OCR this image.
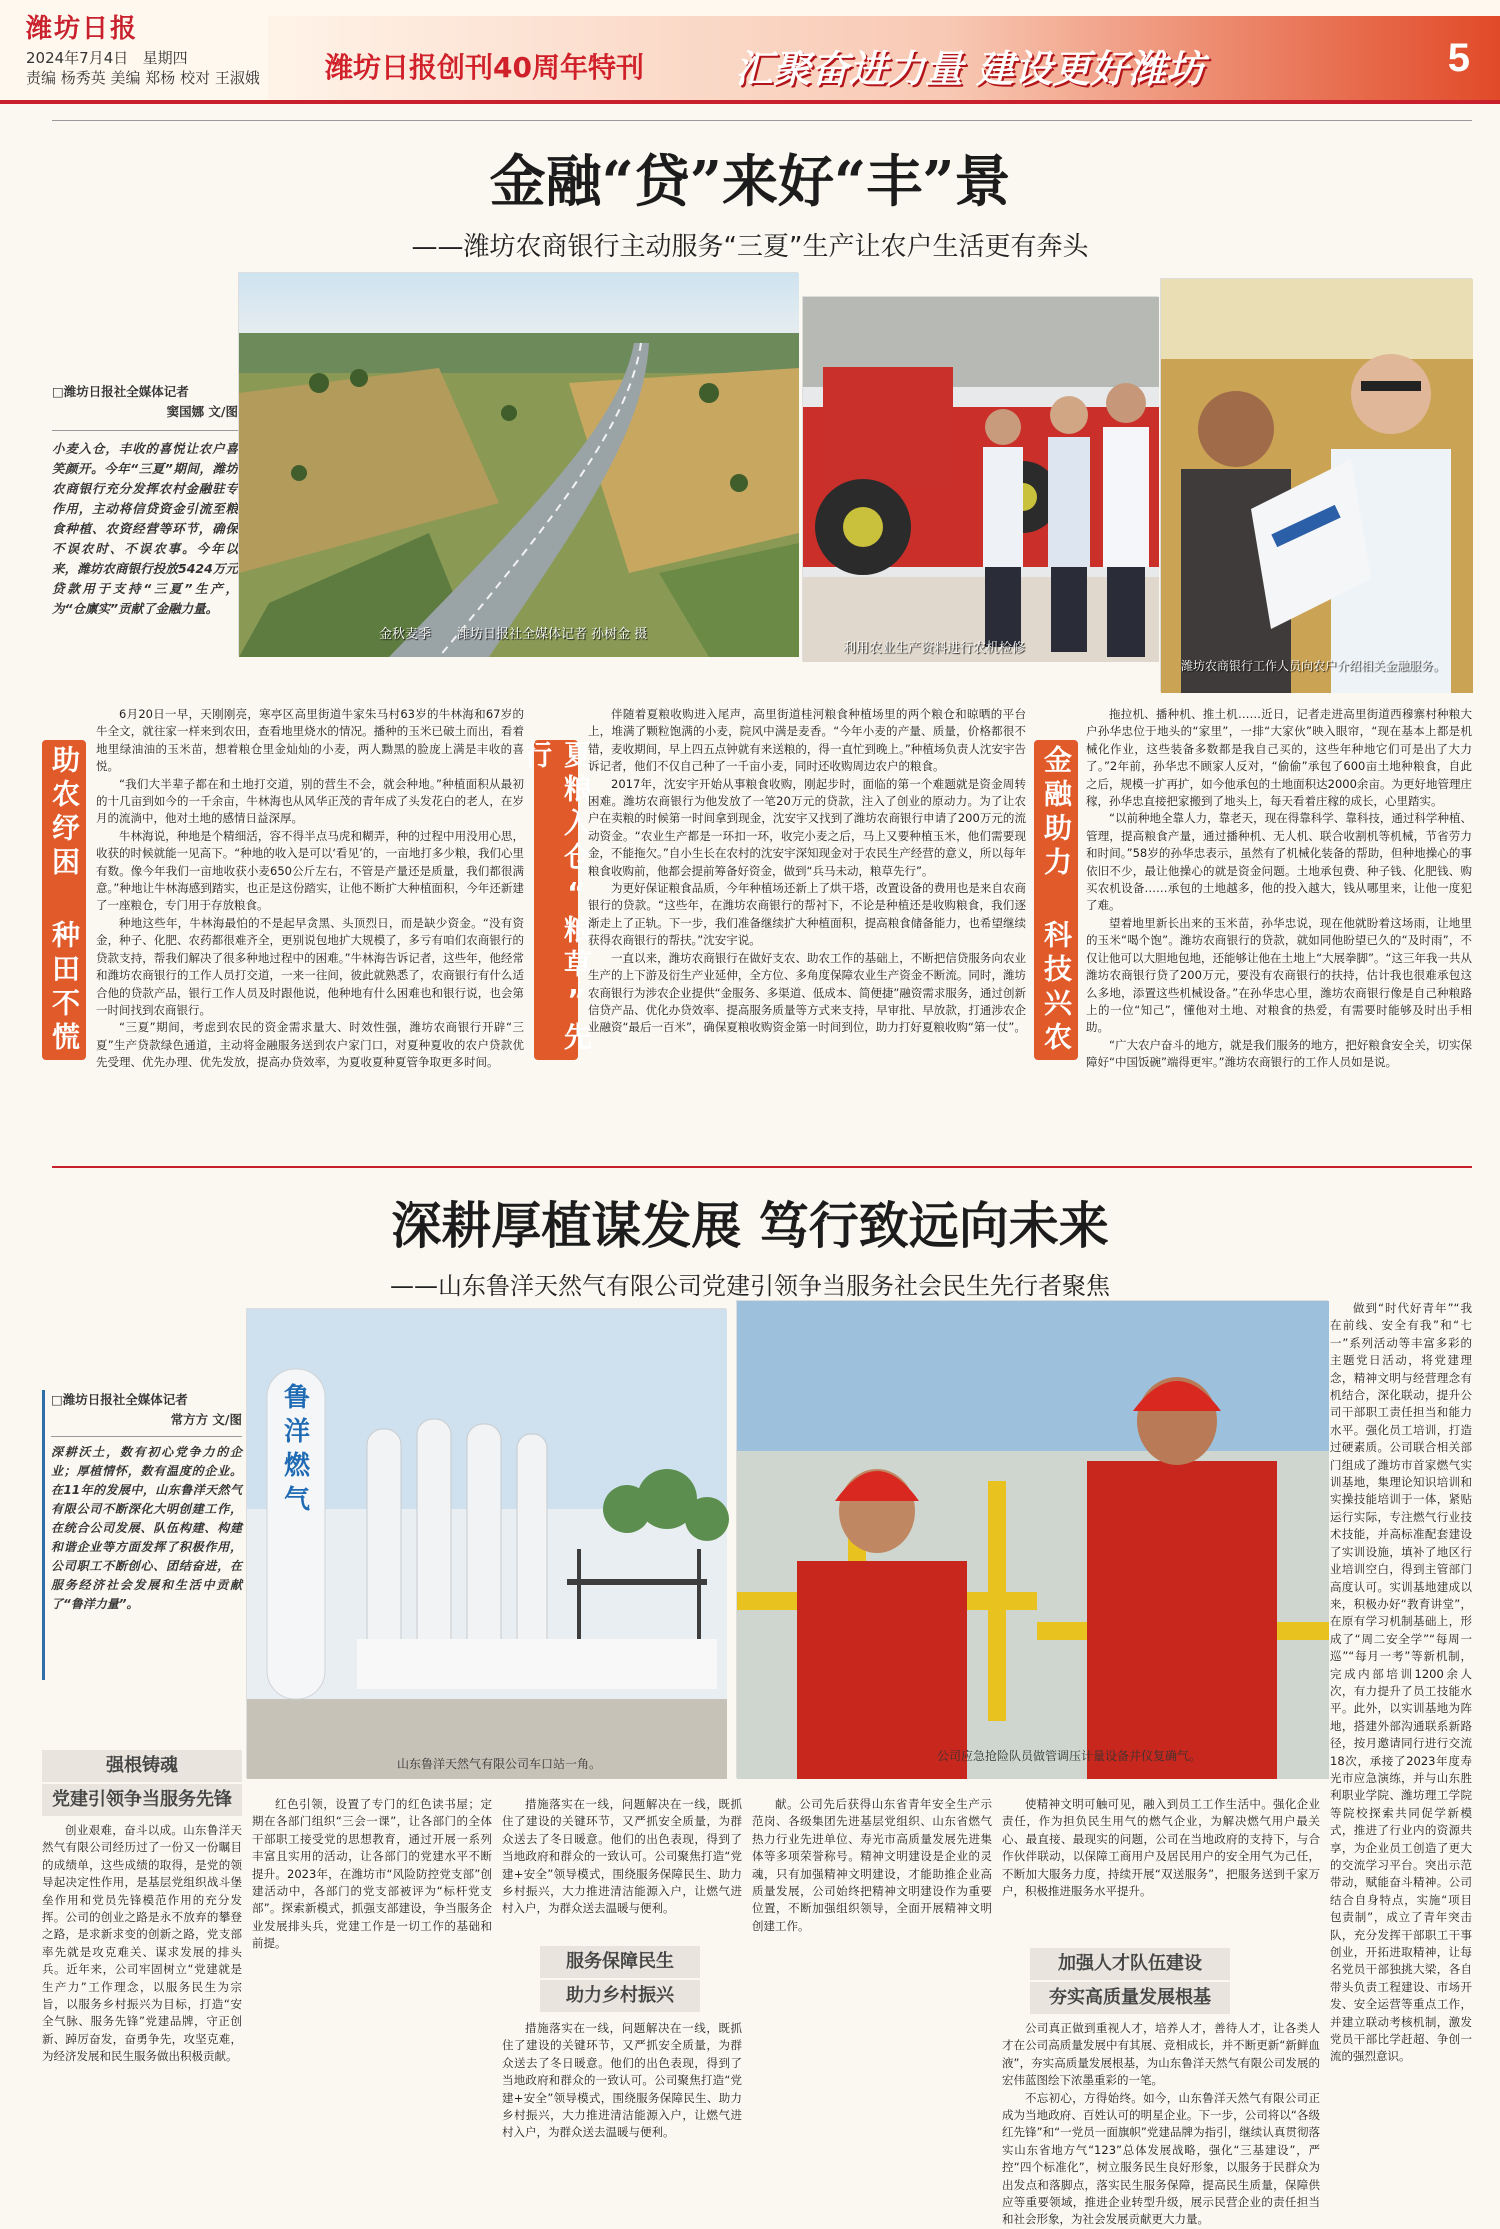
潍坊日报
2024年7月4日 星期四
责编 杨秀英 美编 郑杨 校对 王淑娥 潍坊日报创刊40周年特刊 汇聚奋进力量 建设更好潍坊	5
金融“贷”来好“丰”景
——潍坊农商银行主动服务“三夏”生产让农户生活更有奔头
□潍坊日报社全媒体记者
窦国娜 文/图
小麦入仓，丰收的喜悦让农户喜笑颜开。今年“三夏”期间，潍坊农商银行充分发挥农村金融驻专作用，主动将信贷资金引流至粮食种植、农资经营等环节，确保不误农时、不误农事。今年以来，潍坊农商银行投放5424万元贷款用于支持“三夏”生产，为“仓廪实”贡献了金融力量。
金秋麦季　　潍坊日报社全媒体记者 孙树金 摄
利用农业生产资料进行农机检修
潍坊农商银行工作人员向农户介绍相关金融服务。
助农纾困 种田不慌	夏粮入仓“粮草”先行	金融助力 科技兴农

6月20日一早，天刚刚亮，寒亭区高里街道牛家朱马村63岁的牛林海和67岁的牛全文，就往家一样来到农田，查看地里烧水的情况。播种的玉米已破土而出，看着地里绿油油的玉米苗，想着粮仓里金灿灿的小麦，两人黝黑的脸庞上满是丰收的喜悦。

“我们大半辈子都在和土地打交道，别的营生不会，就会种地。”种植面积从最初的十几亩到如今的一千余亩，牛林海也从风华正茂的青年成了头发花白的老人，在岁月的流淌中，他对土地的感情日益深厚。

牛林海说，种地是个精细活，容不得半点马虎和糊弄，种的过程中用没用心思，收获的时候就能一见高下。“种地的收入是可以‘看见’的，一亩地打多少粮，我们心里有数。像今年我们一亩地收获小麦650公斤左右，不管是产量还是质量，我们都很满意。”种地让牛林海感到踏实，也正是这份踏实，让他不断扩大种植面积，今年还新建了一座粮仓，专门用于存放粮食。

种地这些年，牛林海最怕的不是起早贪黑、头顶烈日，而是缺少资金。“没有资金，种子、化肥、农药都很难齐全，更别说包地扩大规模了，多亏有咱们农商银行的贷款支持，帮我们解决了很多种地过程中的困难。”牛林海告诉记者，这些年，他经常和潍坊农商银行的工作人员打交道，一来一往间，彼此就熟悉了，农商银行有什么适合他的贷款产品，银行工作人员及时跟他说，他种地有什么困难也和银行说，也会第一时间找到农商银行。

“三夏”期间，考虑到农民的资金需求量大、时效性强，潍坊农商银行开辟“三夏”生产贷款绿色通道，主动将金融服务送到农户家门口，对夏种夏收的农户贷款优先受理、优先办理、优先发放，提高办贷效率，为夏收夏种夏管争取更多时间。

伴随着夏粮收购进入尾声，高里街道桂河粮食种植场里的两个粮仓和晾晒的平台上，堆满了颗粒饱满的小麦，院风中满是麦香。“今年小麦的产量、质量，价格都很不错，麦收期间，早上四五点钟就有来送粮的，得一直忙到晚上。”种植场负责人沈安宇告诉记者，他们不仅自己种了一千亩小麦，同时还收购周边农户的粮食。

2017年，沈安宇开始从事粮食收购，刚起步时，面临的第一个难题就是资金周转困难。潍坊农商银行为他发放了一笔20万元的贷款，注入了创业的原动力。为了让农户在卖粮的时候第一时间拿到现金，沈安宇又找到了潍坊农商银行申请了200万元的流动资金。“农业生产都是一环扣一环，收完小麦之后，马上又要种植玉米，他们需要现金，不能拖欠。”自小生长在农村的沈安宇深知现金对于农民生产经营的意义，所以每年粮食收购前，他都会提前筹备好资金，做到“兵马未动，粮草先行”。

为更好保证粮食品质，今年种植场还新上了烘干塔，改置设备的费用也是来自农商银行的贷款。“这些年，在潍坊农商银行的帮衬下，不论是种植还是收购粮食，我们逐渐走上了正轨。下一步，我们准备继续扩大种植面积，提高粮食储备能力，也希望继续获得农商银行的帮扶。”沈安宇说。

一直以来，潍坊农商银行在做好支农、助农工作的基础上，不断把信贷服务向农业生产的上下游及衍生产业延伸，全方位、多角度保障农业生产资金不断流。同时，潍坊农商银行为涉农企业提供“金服务、多渠道、低成本、简便捷”融资需求服务，通过创新信贷产品、优化办贷效率、提高服务质量等方式来支持，早审批、早放款，打通涉农企业融资“最后一百米”，确保夏粮收购资金第一时间到位，助力打好夏粮收购“第一仗”。

拖拉机、播种机、推土机……近日，记者走进高里街道西穆寨村种粮大户孙华忠位于地头的“家里”，一排“大家伙”映入眼帘，“现在基本上都是机械化作业，这些装备多数都是我自己买的，这些年种地它们可是出了大力了。”2年前，孙华忠不顾家人反对，“偷偷”承包了600亩土地种粮食，自此之后，规模一扩再扩，如今他承包的土地面积达2000余亩。为更好地管理庄稼，孙华忠直接把家搬到了地头上，每天看着庄稼的成长，心里踏实。

“以前种地全靠人力，靠老天，现在得靠科学、靠科技，通过科学种植、管理，提高粮食产量，通过播种机、无人机、联合收割机等机械，节省劳力和时间。”58岁的孙华忠表示，虽然有了机械化装备的帮助，但种地操心的事依旧不少，最让他操心的就是资金问题。土地承包费、种子钱、化肥钱、购买农机设备……承包的土地越多，他的投入越大，钱从哪里来，让他一度犯了难。

望着地里新长出来的玉米苗，孙华忠说，现在他就盼着这场雨，让地里的玉米“喝个饱”。潍坊农商银行的贷款，就如同他盼望已久的“及时雨”，不仅让他可以大胆地包地，还能够让他在土地上“大展拳脚”。“这三年我一共从潍坊农商银行贷了200万元，要没有农商银行的扶持，估计我也很难承包这么多地，添置这些机械设备。”在孙华忠心里，潍坊农商银行像是自己种粮路上的一位“知己”，懂他对土地、对粮食的热爱，有需要时能够及时出手相助。

“广大农户奋斗的地方，就是我们服务的地方，把好粮食安全关，切实保障好“中国饭碗”端得更牢。”潍坊农商银行的工作人员如是说。

深耕厚植谋发展 笃行致远向未来
——山东鲁洋天然气有限公司党建引领争当服务社会民生先行者聚焦
□潍坊日报社全媒体记者
常方方 文/图
深耕沃土，数有初心党争力的企业；厚植情怀，数有温度的企业。在11年的发展中，山东鲁洋天然气有限公司不断深化大明创建工作，在统合公司发展、队伍构建、构建和谐企业等方面发挥了积极作用，公司职工不断创心、团结奋进，在服务经济社会发展和生活中贡献了“鲁洋力量”。
鲁洋燃气
山东鲁洋天然气有限公司车口站一角。
公司应急抢险队员做管调压计量设备并仪复确气。

做到“时代好青年”“我在前线、安全有我”和“七一”系列活动等丰富多彩的主题党日活动，将党建理念，精神文明与经营理念有机结合，深化联动，提升公司干部职工责任担当和能力水平。强化员工培训，打造过硬素质。公司联合相关部门组成了潍坊市首家燃气实训基地，集理论知识培训和实操技能培训于一体，紧贴运行实际，专注燃气行业技术技能，并高标准配套建设了实训设施，填补了地区行业培训空白，得到主管部门高度认可。实训基地建成以来，积极办好“教育讲堂”，在原有学习机制基础上，形成了“周二安全学”“每周一巡”“每月一考”等新机制，完成内部培训1200余人次，有力提升了员工技能水平。此外，以实训基地为阵地，搭建外部沟通联系新路径，按月邀请同行进行交流18次，承接了2023年度寿光市应急演练，并与山东胜利职业学院、潍坊理工学院等院校探索共同促学新模式，推进了行业内的资源共享，为企业员工创造了更大的交流学习平台。突出示范带动，赋能奋斗精神。公司结合自身特点，实施“项目包责制”，成立了青年突击队，充分发挥干部职工干事创业，开拓进取精神，让每名党员干部独挑大梁，各自带头负责工程建设、市场开发、安全运营等重点工作，并建立联动考核机制，激发党员干部比学赶超、争创一流的强烈意识。

强根铸魂
党建引领争当服务先锋

创业艰难，奋斗以成。山东鲁洋天然气有限公司经历过了一份又一份瞩目的成绩单，这些成绩的取得，是党的领导起决定性作用，是基层党组织战斗堡垒作用和党员先锋模范作用的充分发挥。公司的创业之路是永不放弃的攀登之路，是求新求变的创新之路，党支部率先就是攻克难关、谋求发展的排头兵。近年来，公司牢固树立“党建就是生产力”工作理念，以服务民生为宗旨，以服务乡村振兴为目标，打造“安全气脉、服务先锋”党建品牌，守正创新、踔厉奋发，奋勇争先，攻坚克难，为经济发展和民生服务做出积极贡献。

红色引领，设置了专门的红色读书屋；定期在各部门组织“三会一课”，让各部门的全体干部职工接受党的思想教育，通过开展一系列丰富且实用的活动，让各部门的党建水平不断提升。2023年，在潍坊市“风险防控党支部”创建活动中，各部门的党支部被评为“标杆党支部”。探索新模式，抓强支部建设，争当服务企业发展排头兵，党建工作是一切工作的基础和前提。

措施落实在一线，问题解决在一线，既抓住了建设的关键环节，又严抓安全质量，为群众送去了冬日暖意。他们的出色表现，得到了当地政府和群众的一致认可。公司聚焦打造“党建+安全”领导模式，围绕服务保障民生、助力乡村振兴，大力推进清洁能源入户，让燃气进村入户，为群众送去温暖与便利。

服务保障民生
助力乡村振兴

措施落实在一线，问题解决在一线，既抓住了建设的关键环节，又严抓安全质量，为群众送去了冬日暖意。他们的出色表现，得到了当地政府和群众的一致认可。公司聚焦打造“党建+安全”领导模式，围绕服务保障民生、助力乡村振兴，大力推进清洁能源入户，让燃气进村入户，为群众送去温暖与便利。

献。公司先后获得山东省青年安全生产示范岗、各级集团先进基层党组织、山东省燃气热力行业先进单位、寿光市高质量发展先进集体等多项荣誉称号。精神文明建设是企业的灵魂，只有加强精神文明建设，才能助推企业高质量发展，公司始终把精神文明建设作为重要位置，不断加强组织领导，全面开展精神文明创建工作。

使精神文明可触可见，融入到员工工作生活中。强化企业责任，作为担负民生用气的燃气企业，为解决燃气用户最关心、最直接、最现实的问题，公司在当地政府的支持下，与合作伙伴联动，以保障工商用户及居民用户的安全用气为己任，不断加大服务力度，持续开展“双送服务”，把服务送到千家万户，积极推进服务水平提升。

加强人才队伍建设
夯实高质量发展根基

公司真正做到重视人才，培养人才，善待人才，让各类人才在公司高质量发展中有其展、竞相成长，并不断更新“新鲜血液”，夯实高质量发展根基，为山东鲁洋天然气有限公司发展的宏伟蓝图绘下浓墨重彩的一笔。

不忘初心，方得始终。如今，山东鲁洋天然气有限公司正成为当地政府、百姓认可的明星企业。下一步，公司将以“各级红先锋”和“一党员一面旗帜”党建品牌为指引，继续认真贯彻落实山东省地方气“123”总体发展战略，强化“三基建设”，严控“四个标准化”，树立服务民生良好形象，以服务于民群众为出发点和落脚点，落实民生服务保障，提高民生质量，保障供应等重要领域，推进企业转型升级，展示民营企业的责任担当和社会形象，为社会发展贡献更大力量。
